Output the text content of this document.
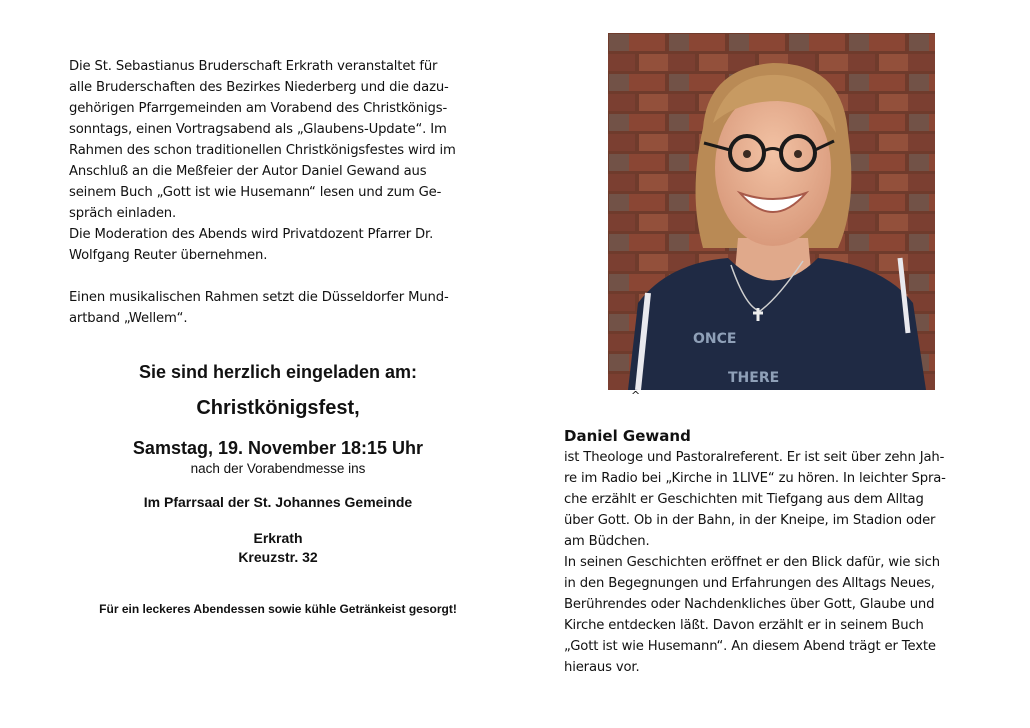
Die St. Sebastianus Bruderschaft Erkrath veranstaltet für
alle Bruderschaften des Bezirkes Niederberg und die dazu-
gehörigen Pfarrgemeinden am Vorabend des Christkönigs-
sonntags, einen Vortragsabend als „Glaubens-Update“. Im
Rahmen des schon traditionellen Christkönigsfestes wird im
Anschluß an die Meßfeier der Autor Daniel Gewand aus
seinem Buch „Gott ist wie Husemann“ lesen und zum Ge-
spräch einladen.
Die Moderation des Abends wird Privatdozent Pfarrer Dr.
Wolfgang Reuter übernehmen.
Einen musikalischen Rahmen setzt die Düsseldorfer Mund-
artband „Wellem“.
Sie sind herzlich eingeladen am:
Christkönigsfest,
Samstag, 19. November 18:15 Uhr
nach der Vorabendmesse ins
Im Pfarrsaal der St. Johannes Gemeinde
Erkrath
Kreuzstr. 32
Für ein leckeres Abendessen sowie kühle Getränkeist gesorgt!
ONCE
THERE
^
Daniel Gewand
ist Theologe und Pastoralreferent. Er ist seit über zehn Jah-
re im Radio bei „Kirche in 1LIVE“ zu hören. In leichter Spra-
che erzählt er Geschichten mit Tiefgang aus dem Alltag
über Gott. Ob in der Bahn, in der Kneipe, im Stadion oder
am Büdchen.
In seinen Geschichten eröffnet er den Blick dafür, wie sich
in den Begegnungen und Erfahrungen des Alltags Neues,
Berührendes oder Nachdenkliches über Gott, Glaube und
Kirche entdecken läßt. Davon erzählt er in seinem Buch
„Gott ist wie Husemann“. An diesem Abend trägt er Texte
hieraus vor.
